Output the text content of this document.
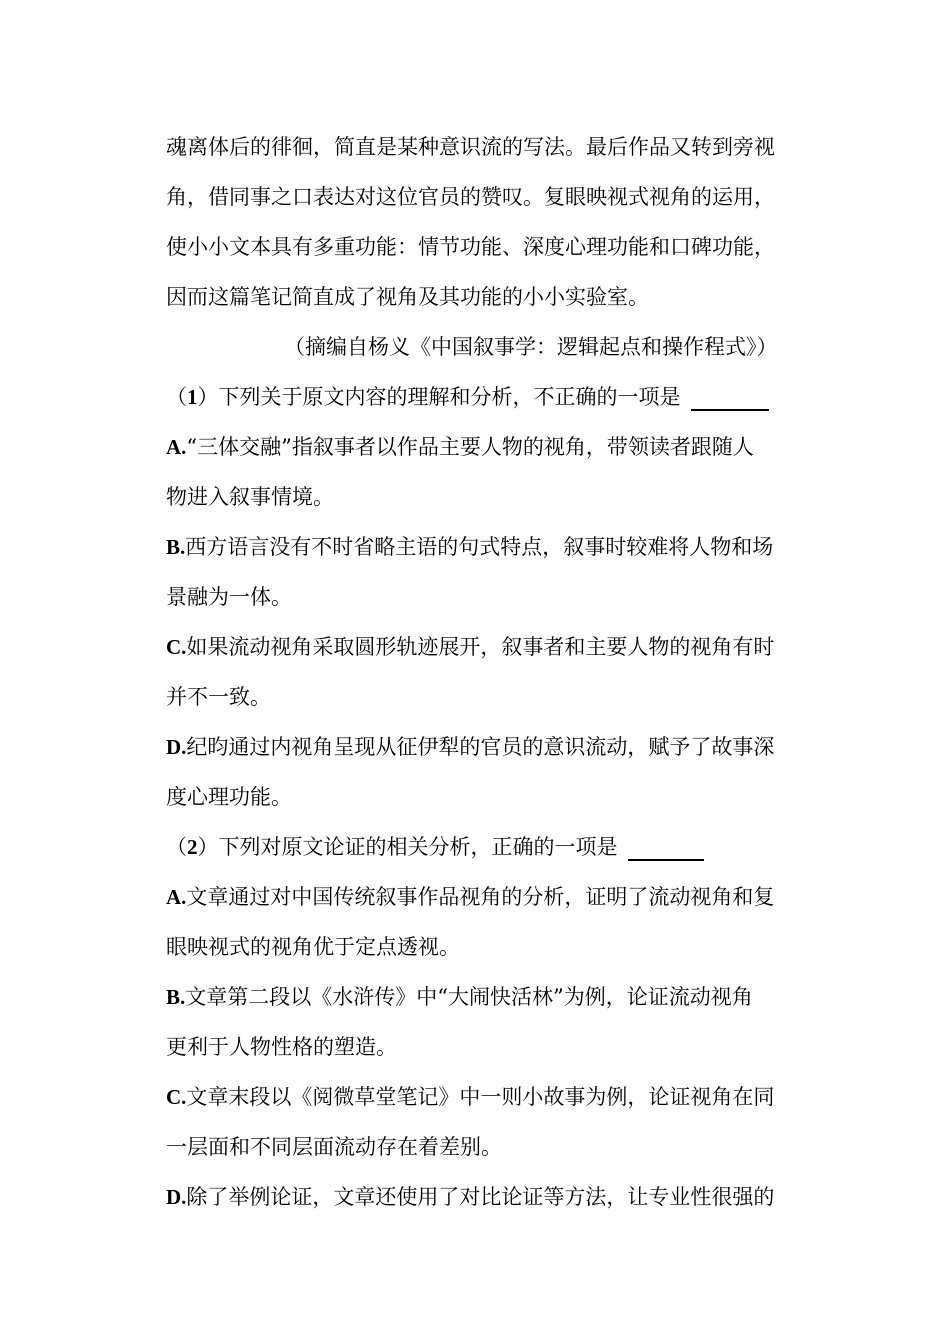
魂离体后的徘徊，简直是某种意识流的写法。最后作品又转到旁视
角，借同事之口表达对这位官员的赞叹。复眼映视式视角的运用，
使小小文本具有多重功能：情节功能、深度心理功能和口碑功能，
因而这篇笔记简直成了视角及其功能的小小实验室。
（摘编自杨义《中国叙事学：逻辑起点和操作程式》）
（1）下列关于原文内容的理解和分析，不正确的一项是
A.“三体交融”指叙事者以作品主要人物的视角，带领读者跟随人
物进入叙事情境。
B.西方语言没有不时省略主语的句式特点，叙事时较难将人物和场
景融为一体。
C.如果流动视角采取圆形轨迹展开，叙事者和主要人物的视角有时
并不一致。
D.纪昀通过内视角呈现从征伊犁的官员的意识流动，赋予了故事深
度心理功能。
（2）下列对原文论证的相关分析，正确的一项是
A.文章通过对中国传统叙事作品视角的分析，证明了流动视角和复
眼映视式的视角优于定点透视。
B.文章第二段以《水浒传》中“大闹快活林”为例，论证流动视角
更利于人物性格的塑造。
C.文章末段以《阅微草堂笔记》中一则小故事为例，论证视角在同
一层面和不同层面流动存在着差别。
D.除了举例论证，文章还使用了对比论证等方法，让专业性很强的
